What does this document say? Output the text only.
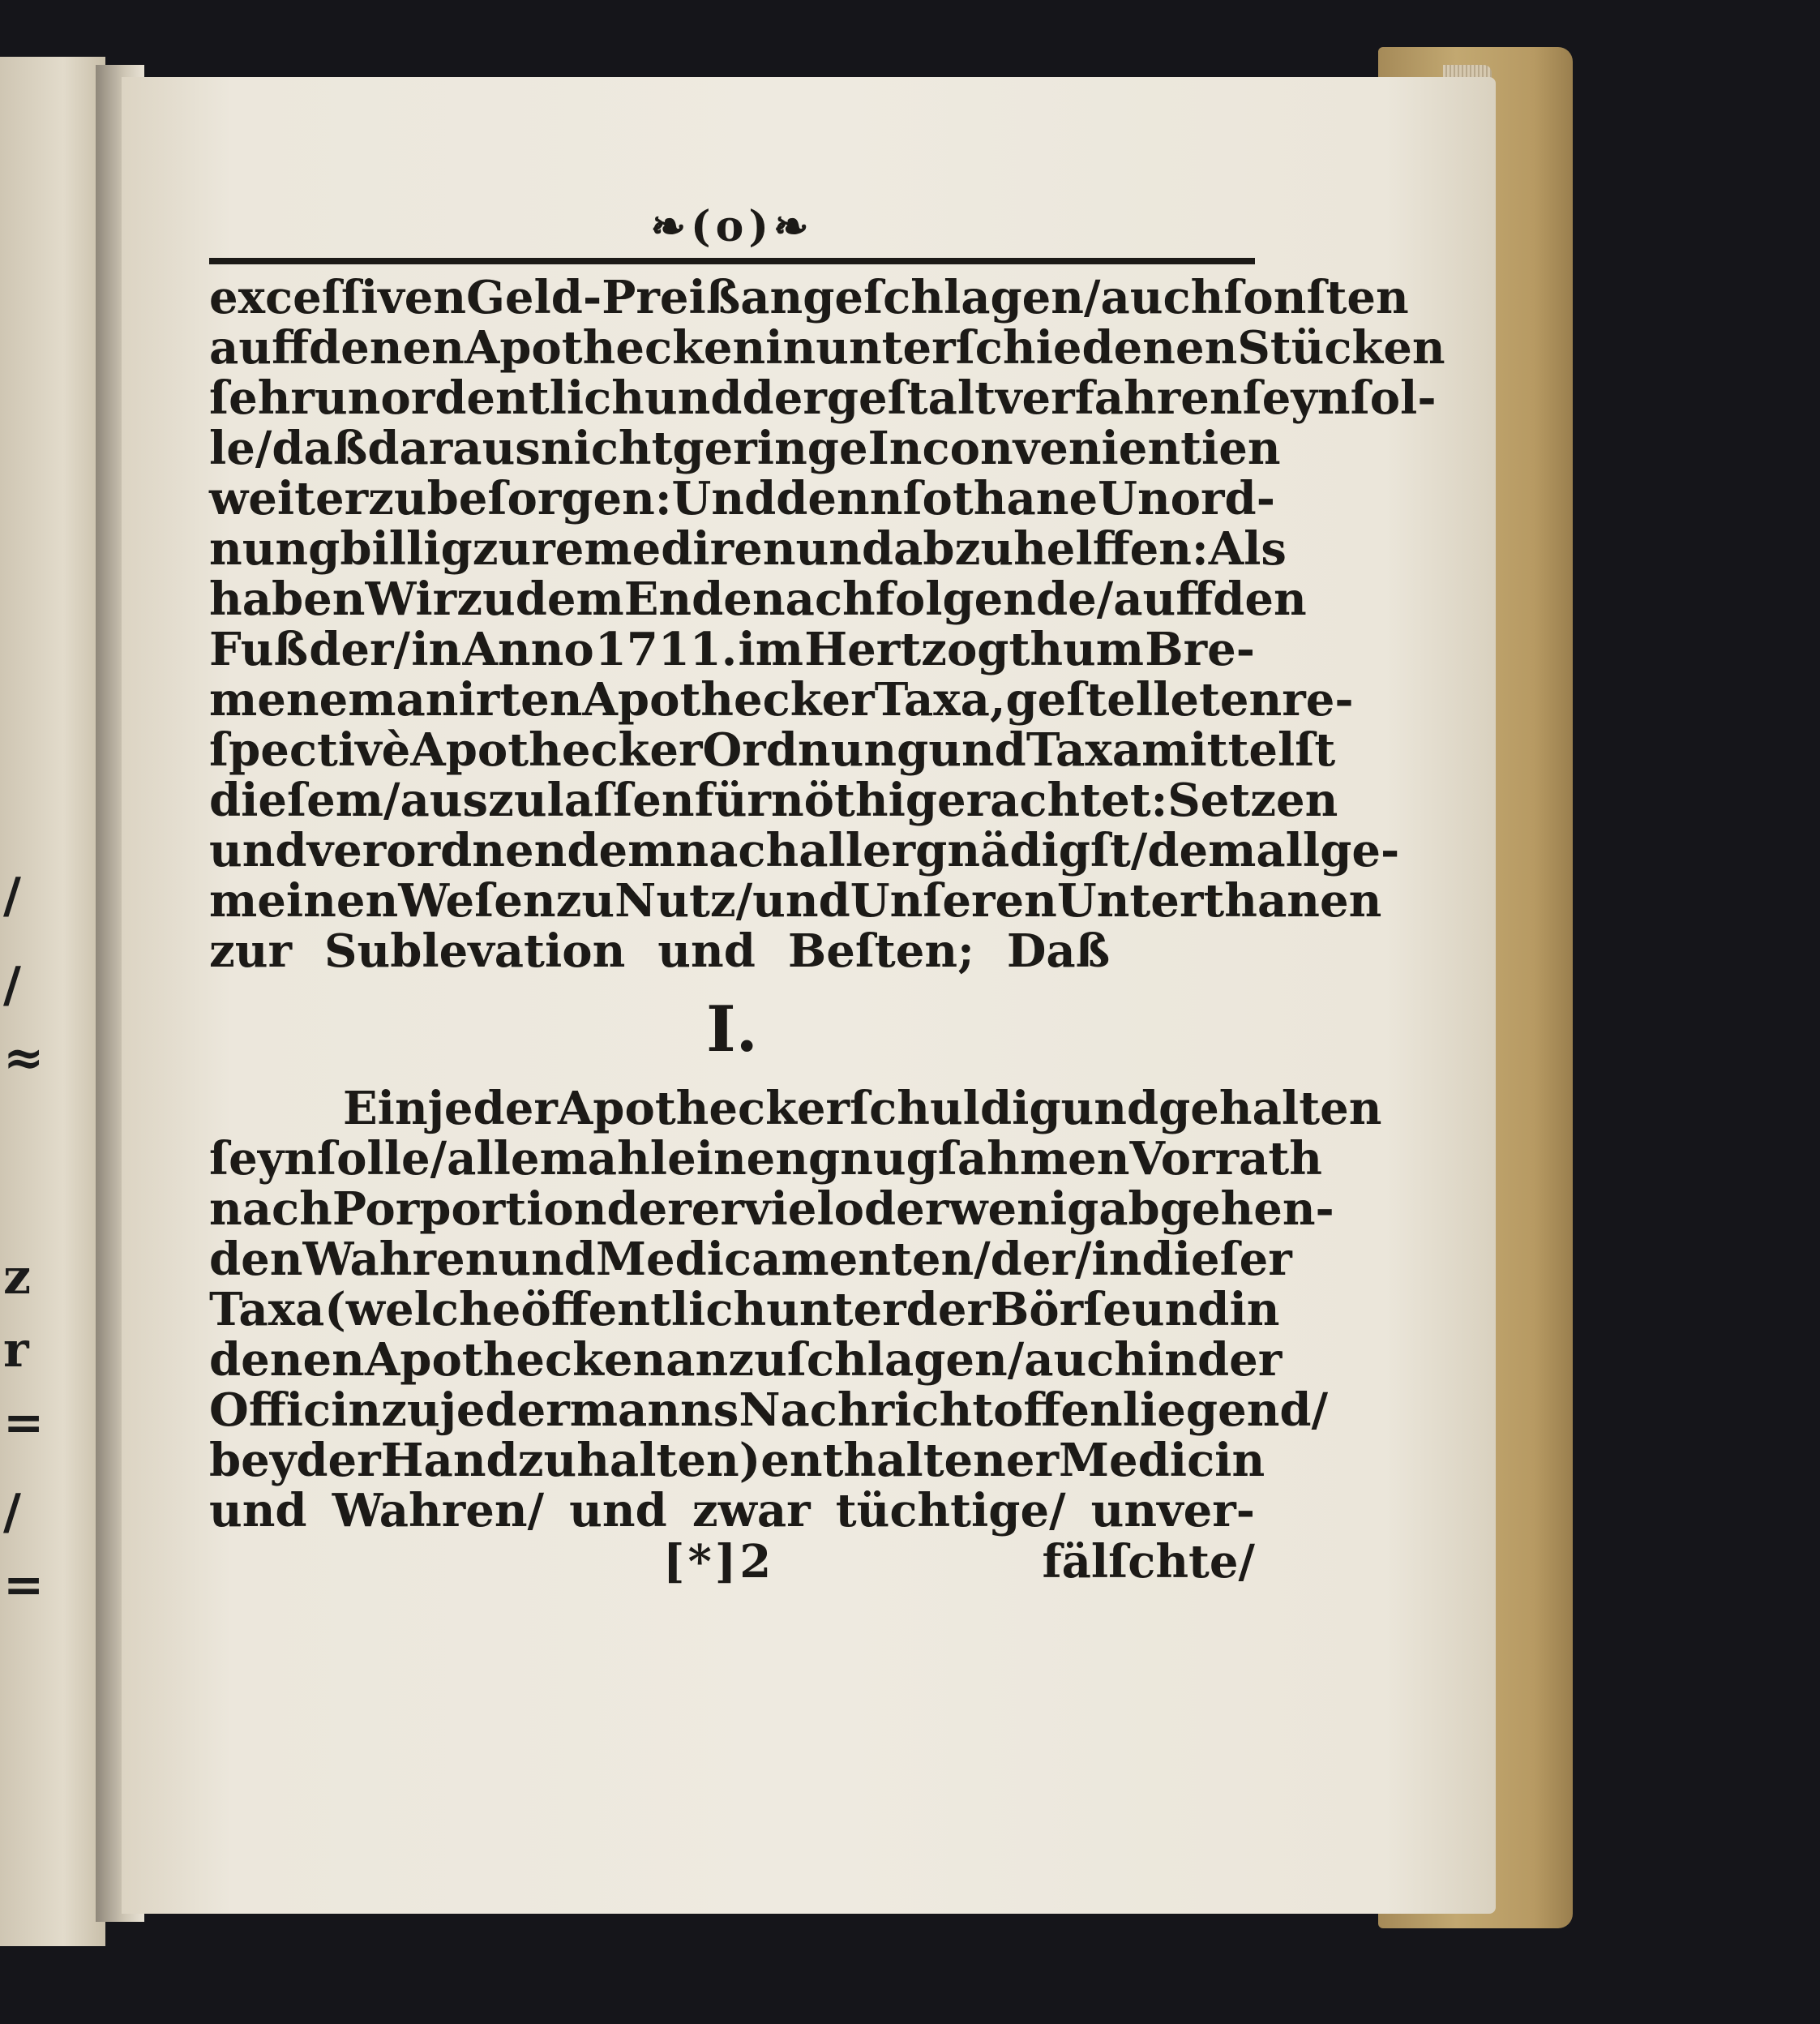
/
/
≈
z
r
=
/
=
❧(o)❧
exceſſiven Geld-Preiß angeſchlagen/ auch ſonſten
auff denen Apothecken in unterſchiedenen Stücken
ſehr unordentlich und dergeſtalt verfahren ſeyn ſol-
le/ daß daraus nicht geringe Inconvenientien
weiter zu beſorgen: Und denn ſothane Unord-
nung billig zu remediren und abzuhelffen: Als
haben Wir zu dem Ende nachfolgende/ auff den
Fuß der/ in Anno 1711. im Hertzogthum Bre-
men emanirten Apothecker Taxa, geſtelleten re-
ſpectivè Apothecker Ordnung und Taxa mittelſt
dieſem/aus zulaſſen für nöthig erachtet: Setzen
und verordnen demnach allergnädigſt/ dem allge-
meinen Weſen zu Nutz/ und Unſeren Unterthanen
zur Sublevation und Beſten; Daß
I.
Ein jeder Apothecker ſchuldig und gehalten
ſeyn ſolle/ allemahl einen gnugſahmen Vorrath
nach Porportion derer viel oder wenig abgehen-
den Wahren und Medicamenten/ der/ in dieſer
Taxa (welche öffentlich unter der Börſe und in
denen Apothecken an zu ſchlagen/ auch in der
Officin zu jedermanns Nachricht offen liegend/
bey der Hand zu halten) enthaltener Medicin
und Wahren/ und zwar tüchtige/ unver-
[*]2	fälſchte/
